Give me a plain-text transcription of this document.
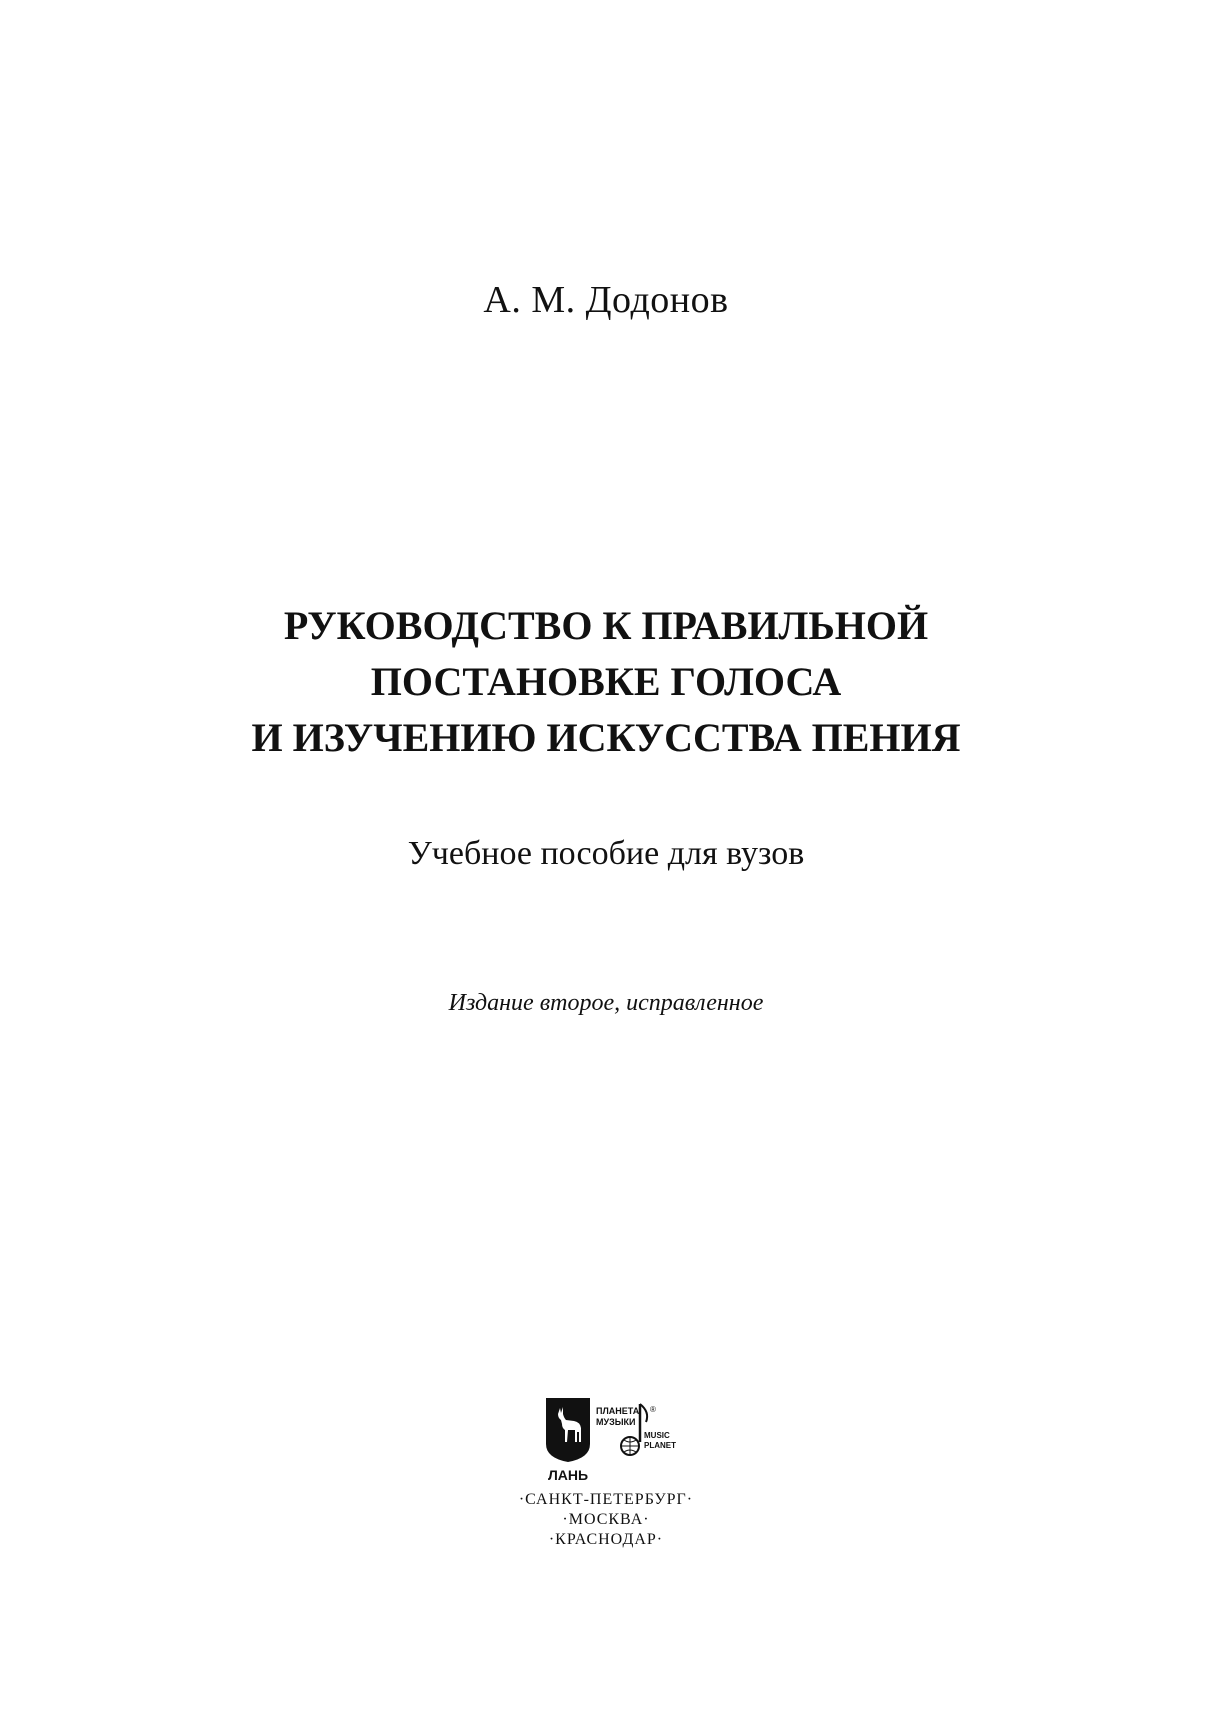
А. М. Додонов
РУКОВОДСТВО К ПРАВИЛЬНОЙ
ПОСТАНОВКЕ ГОЛОСА
И ИЗУЧЕНИЮ ИСКУССТВА ПЕНИЯ
Учебное пособие для вузов
Издание второе, исправленное
ЛАНЬ
ПЛАНЕТА
МУЗЫКИ
®
MUSIC
PLANET
·САНКТ-ПЕТЕРБУРГ·
·МОСКВА·
·КРАСНОДАР·
